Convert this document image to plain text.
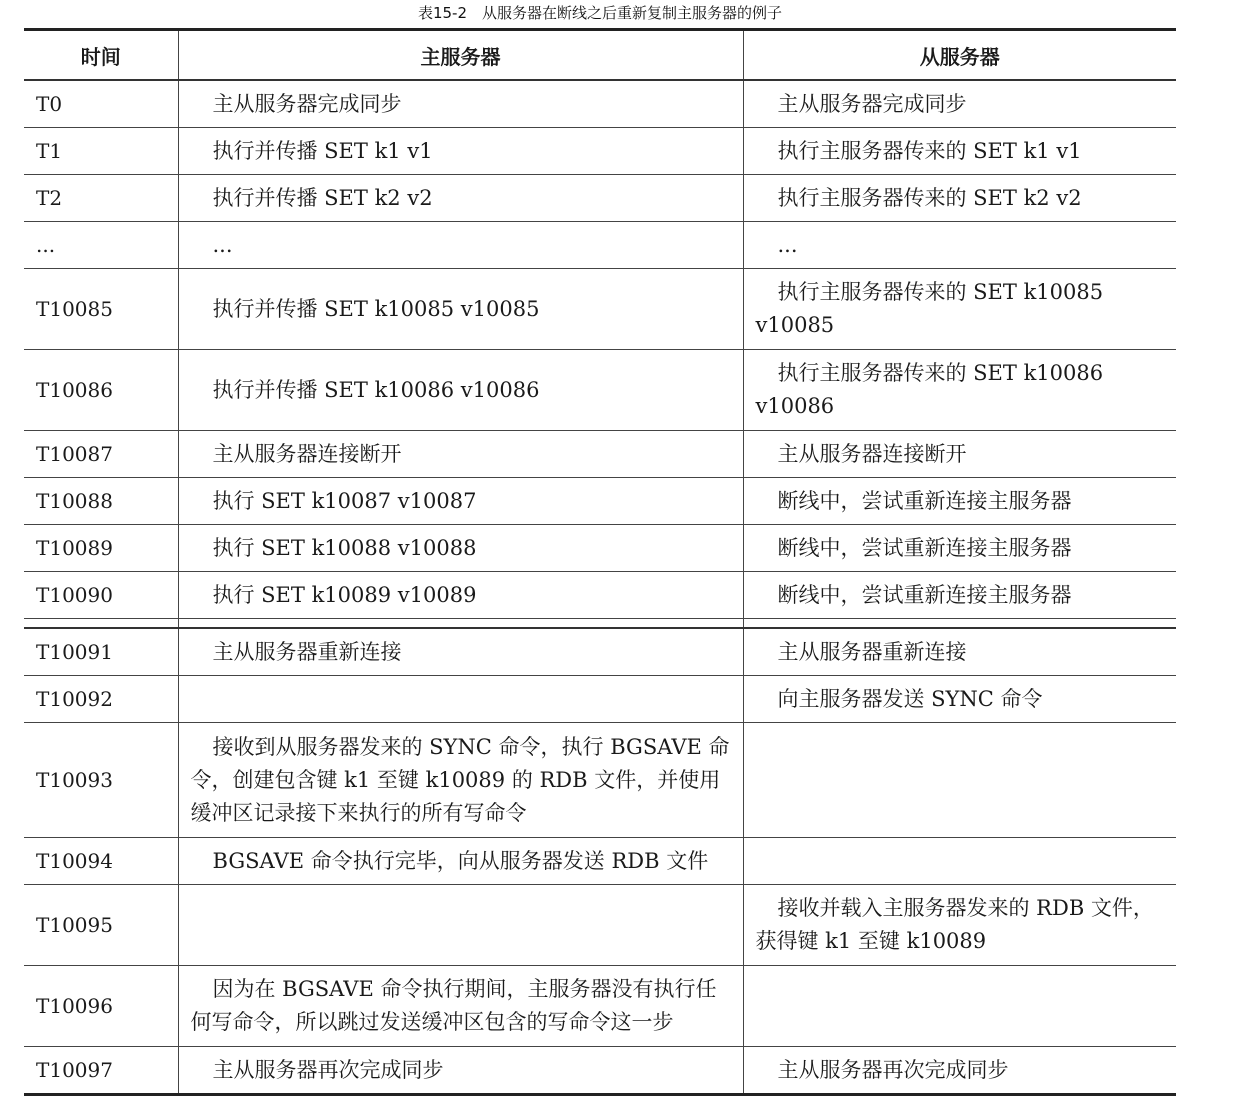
表15-2　从服务器在断线之后重新复制主服务器的例子
时间	主服务器	从服务器
T0	主从服务器完成同步	主从服务器完成同步
T1	执行并传播 SET k1 v1	执行主服务器传来的 SET k1 v1
T2	执行并传播 SET k2 v2	执行主服务器传来的 SET k2 v2
...	...	...
T10085	执行并传播 SET k10085 v10085	执行主服务器传来的 SET k10085 v10085
T10086	执行并传播 SET k10086 v10086	执行主服务器传来的 SET k10086 v10086
T10087	主从服务器连接断开	主从服务器连接断开
T10088	执行 SET k10087 v10087	断线中，尝试重新连接主服务器
T10089	执行 SET k10088 v10088	断线中，尝试重新连接主服务器
T10090	执行 SET k10089 v10089	断线中，尝试重新连接主服务器

T10091	主从服务器重新连接	主从服务器重新连接
T10092		向主服务器发送 SYNC 命令
T10093	接收到从服务器发来的 SYNC 命令，执行 BGSAVE 命令，创建包含键 k1 至键 k10089 的 RDB 文件，并使用缓冲区记录接下来执行的所有写命令	
T10094	BGSAVE 命令执行完毕，向从服务器发送 RDB 文件	
T10095		接收并载入主服务器发来的 RDB 文件，获得键 k1 至键 k10089
T10096	因为在 BGSAVE 命令执行期间，主服务器没有执行任何写命令，所以跳过发送缓冲区包含的写命令这一步	
T10097	主从服务器再次完成同步	主从服务器再次完成同步
